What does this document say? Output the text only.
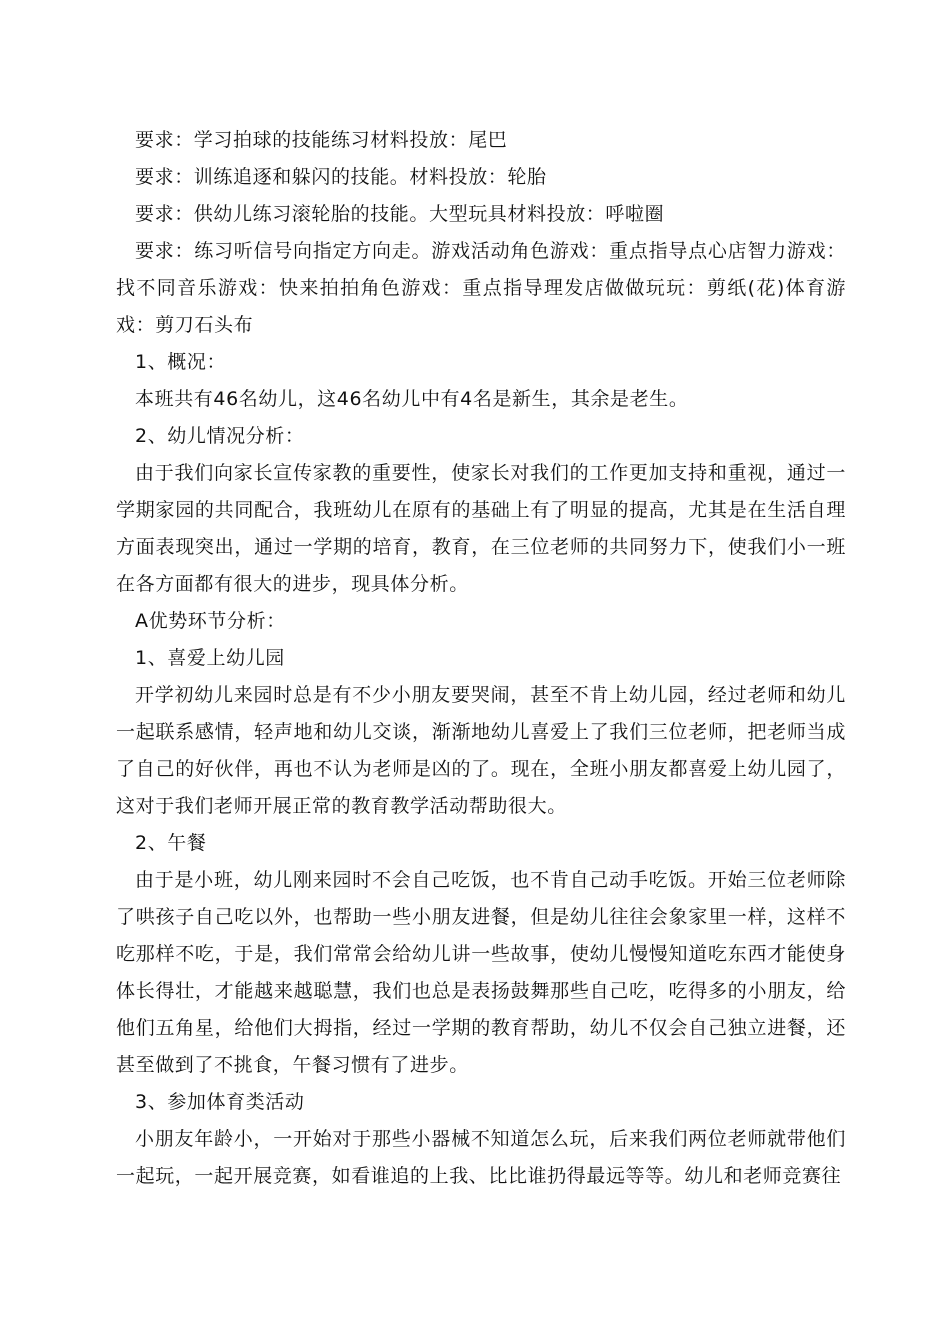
要求：学习拍球的技能练习材料投放：尾巴

要求：训练追逐和躲闪的技能。材料投放：轮胎

要求：供幼儿练习滚轮胎的技能。大型玩具材料投放：呼啦圈

要求：练习听信号向指定方向走。游戏活动角色游戏：重点指导点心店智力游戏：找不同音乐游戏：快来拍拍角色游戏：重点指导理发店做做玩玩：剪纸(花)体育游戏：剪刀石头布

1、概况：

本班共有46名幼儿，这46名幼儿中有4名是新生，其余是老生。

2、幼儿情况分析：

由于我们向家长宣传家教的重要性，使家长对我们的工作更加支持和重视，通过一学期家园的共同配合，我班幼儿在原有的基础上有了明显的提高，尤其是在生活自理方面表现突出，通过一学期的培育，教育，在三位老师的共同努力下，使我们小一班在各方面都有很大的进步，现具体分析。

A优势环节分析：

1、喜爱上幼儿园

开学初幼儿来园时总是有不少小朋友要哭闹，甚至不肯上幼儿园，经过老师和幼儿一起联系感情，轻声地和幼儿交谈，渐渐地幼儿喜爱上了我们三位老师，把老师当成了自己的好伙伴，再也不认为老师是凶的了。现在，全班小朋友都喜爱上幼儿园了，这对于我们老师开展正常的教育教学活动帮助很大。

2、午餐

由于是小班，幼儿刚来园时不会自己吃饭，也不肯自己动手吃饭。开始三位老师除了哄孩子自己吃以外，也帮助一些小朋友进餐，但是幼儿往往会象家里一样，这样不吃那样不吃，于是，我们常常会给幼儿讲一些故事，使幼儿慢慢知道吃东西才能使身体长得壮，才能越来越聪慧，我们也总是表扬鼓舞那些自己吃，吃得多的小朋友，给他们五角星，给他们大拇指，经过一学期的教育帮助，幼儿不仅会自己独立进餐，还甚至做到了不挑食，午餐习惯有了进步。

3、参加体育类活动

小朋友年龄小，一开始对于那些小器械不知道怎么玩，后来我们两位老师就带他们一起玩，一起开展竞赛，如看谁追的上我、比比谁扔得最远等等。幼儿和老师竞赛往
